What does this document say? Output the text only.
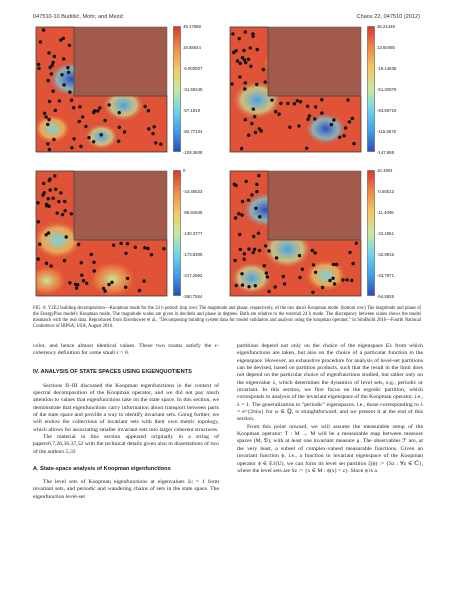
047510-10 Budišić, Mohr, and Mezić	Chaos 22, 047510 (2012)
45.17588
19.58644
-6.003007
-31.59245
-57.1819
-82.77134
-108.3608
45.21448
13.60485
-19.14636
-51.32876
-83.59719
-115.6676
-147.868
0
-43.45623
-86.91846
-130.3777
-173.8309
-217.2962
-260.7554
10.1904
-0.60513
-11.4006
-22.1961
-32.9916
-43.7871
-54.5826
FIG. 8. Y2E2 building decomposition—Koopman mode for the 24 h period: (top row) The magnitude and phase, respectively, of the raw data's Koopman mode. (bottom row) The magnitude and phase of the EnergyPlus model's Koopman mode. The magnitude scales are given in decibels and phase in degrees. Both are relative to the external 24 h mode. The discrepancy between scales shows the model mismatch with the real data. Reproduced from Eisenhower et al., "Decomposing building system data for model validation and analysis using the koopman operator," in SimBuild 2010—Fourth National Conference of IBPSA, USA, August 2010.

color, and hence almost identical values. These two rooms satisfy the ϵ-coherency definition for some small ϵ > 0.

IV. ANALYSIS OF STATE SPACES USING EIGENQUOTIENTS

Sections II–III discussed the Koopman eigenfunctions in the context of spectral decomposition of the Koopman operator, and we did not pay much attention to values that eigenfunctions take on the state space. In this section, we demonstrate that eigenfunctions carry information about transport between parts of the state space and provide a way to identify invariant sets. Going further, we will endow the collections of invariant sets with their own metric topology, which allows for associating smaller invariant sets into larger coherent structures.

The material in this section appeared originally in a string of papers6,7,26,36,37,52 with the technical details given also in dissertations of two of the authors.5,33

A. State-space analysis of Koopman eigenfunctions

The level sets of Koopman eigenfunctions at eigenvalues |λ| = 1 form invariant sets, and periodic and wandering chains of sets in the state space. The eigenfunction level-set

partitions depend not only on the choice of the eigenspace Eλ from which eigenfunctions are taken, but also on the choice of a particular function in the eigenspace. However, an exhaustive procedure for analysis of level-set partitions can be devised, based on partition products, such that the result in the limit does not depend on the particular choice of eigenfunctions studied, but rather only on the eigenvalue λ, which determines the dynamics of level sets, e.g., periodic or invariant. In this section, we first focus on the ergodic partition, which corresponds to analysis of the invariant eigenspace of the Koopman operator, i.e., λ = 1. The generalization to "periodic" eigenspaces, i.e., those corresponding to λ = e^{2πiω} for ω ∈ ℚ, is straightforward, and we present it at the end of this section.

From this point onward, we will assume the measurable setup of the Koopman operator: T : M → M will be a measurable map between measure spaces (M, 𝔅), with at least one invariant measure μ. The observables ℱ are, at the very least, a subset of complex-valued measurable functions. Given an invariant function ϕ, i.e., a function in invariant eigenspace of the Koopman operator ϕ ∈ E1(U), we can form its level set partition ζ(ϕ) := {Sz : ∀z ∈ ℂ}, where the level sets are Sz := {x ∈ M : ϕ(x) = z}. Since ϕ is a
